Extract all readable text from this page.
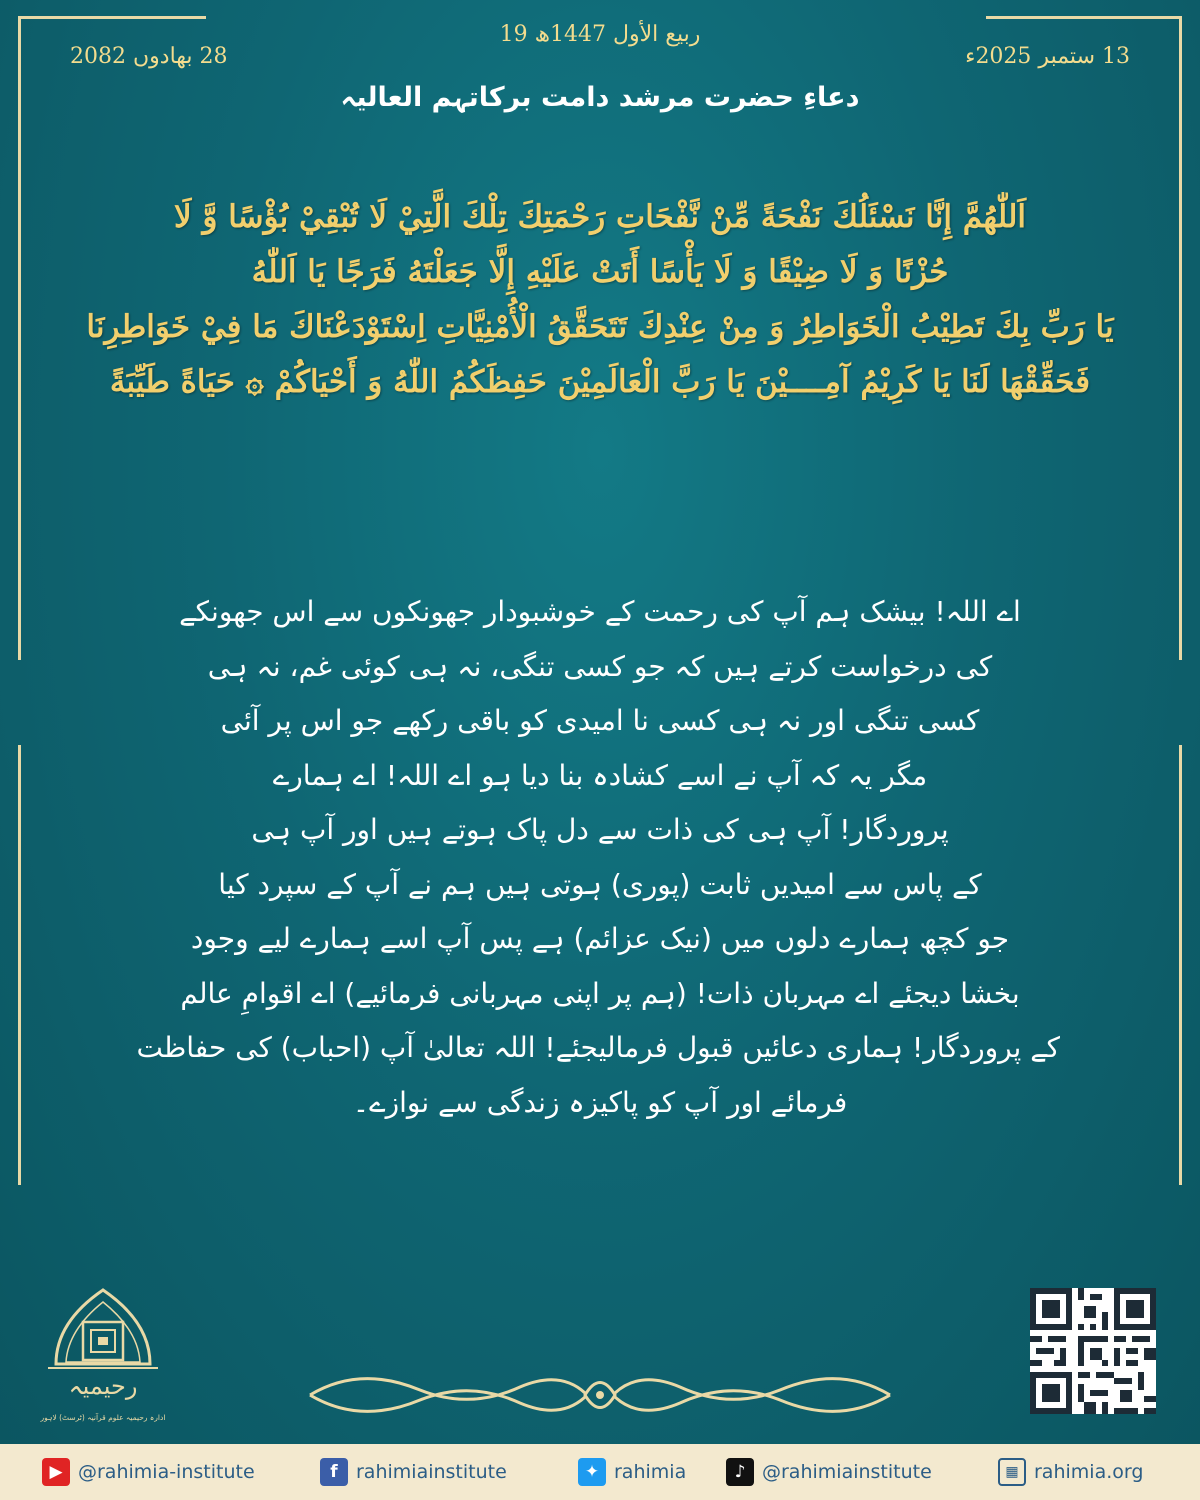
19 ربیع الأول 1447ھ
13 ستمبر 2025ء
28 بھادوں 2082
دعاءِ حضرت مرشد دامت برکاتہم العالیہ
اَللّٰهُمَّ إِنَّا نَسْئَلُكَ نَفْحَةً مِّنْ نَّفْحَاتِ رَحْمَتِكَ تِلْكَ الَّتِيْ لَا تُبْقِيْ بُؤْسًا وَّ لَا
حُزْنًا وَ لَا ضِيْقًا وَ لَا يَأْسًا أَتَتْ عَلَيْهِ إِلَّا جَعَلْتَهُ فَرَجًا يَا اَللّٰهُ
يَا رَبِّ بِكَ تَطِيْبُ الْخَوَاطِرُ وَ مِنْ عِنْدِكَ تَتَحَقَّقُ الْأُمْنِيَّاتِ اِسْتَوْدَعْنَاكَ مَا فِيْ خَوَاطِرِنَا
فَحَقِّقْهَا لَنَا يَا كَرِيْمُ آمِــــيْنَ يَا رَبَّ الْعَالَمِيْنَ حَفِظَكُمُ اللّٰهُ وَ أَحْيَاكُمْ ۞ حَيَاةً طَيِّبَةً
اے اللہ! بیشک ہم آپ کی رحمت کے خوشبودار جھونکوں سے اس جھونکے
کی درخواست کرتے ہیں کہ جو کسی تنگی، نہ ہی کوئی غم، نہ ہی
کسی تنگی اور نہ ہی کسی نا امیدی کو باقی رکھے جو اس پر آئی
مگر یہ کہ آپ نے اسے کشادہ بنا دیا ہو اے اللہ! اے ہمارے
پروردگار! آپ ہی کی ذات سے دل پاک ہوتے ہیں اور آپ ہی
کے پاس سے امیدیں ثابت (پوری) ہوتی ہیں ہم نے آپ کے سپرد کیا
جو کچھ ہمارے دلوں میں (نیک عزائم) ہے پس آپ اسے ہمارے لیے وجود
بخشا دیجئے اے مہربان ذات! (ہم پر اپنی مہربانی فرمائیے) اے اقوامِ عالم
کے پروردگار! ہماری دعائیں قبول فرمالیجئے! اللہ تعالیٰ آپ (احباب) کی حفاظت
فرمائے اور آپ کو پاکیزہ زندگی سے نوازے۔
رحیمیہ
ادارہ رحیمیہ علوم قرآنیہ (ٹرسٹ) لاہور
▶ @rahimia-institute	f rahimiainstitute	✦ rahimia	♪ @rahimiainstitute	▦ rahimia.org
